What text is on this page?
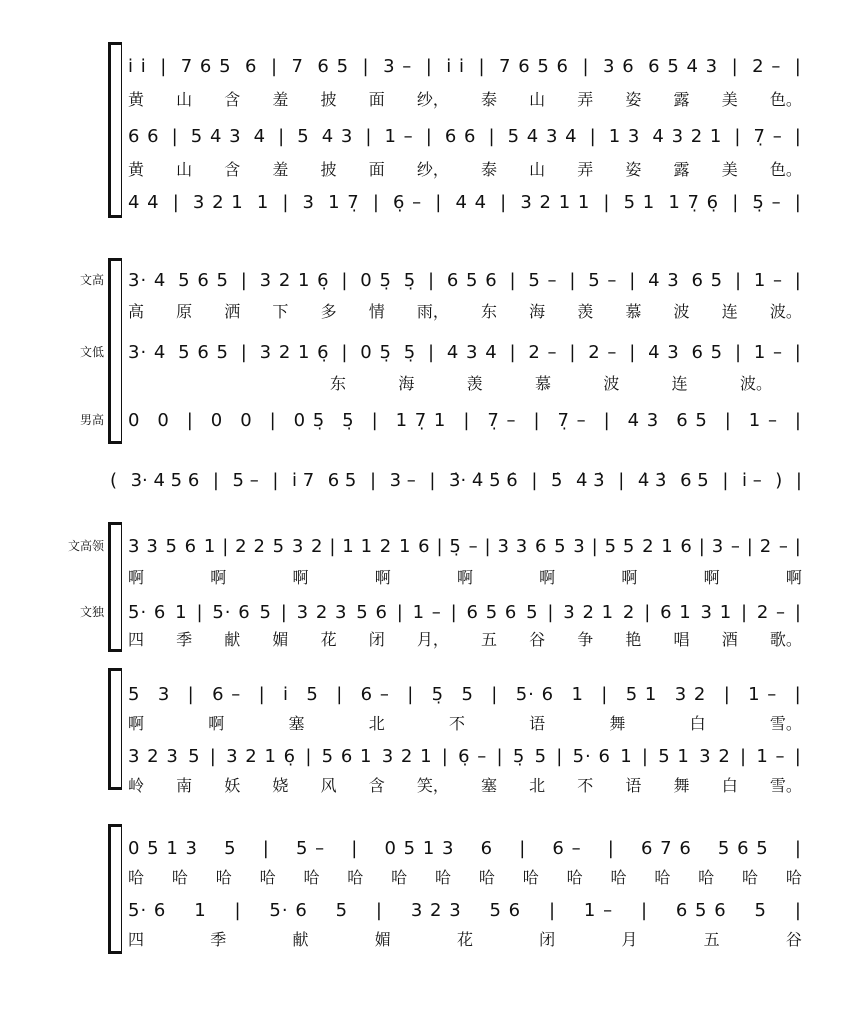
i̇ i̇ | 7 6 5 6 | 7 6 5 | 3 – | i̇ i̇ | 7 6 5 6 | 3 6 6 5 4 3 | 2 – |
黄 山 含 羞 披 面 纱， 泰 山 弄 姿 露 美 色。
6 6 | 5 4 3 4 | 5 4 3 | 1 – | 6 6 | 5 4 3 4 | 1 3 4 3 2 1 | 7̣ – |
黄 山 含 羞 披 面 纱， 泰 山 弄 姿 露 美 色。
4 4 | 3 2 1 1 | 3 1 7̣ | 6̣ – | 4 4 | 3 2 1 1 | 5 1 1 7̣ 6̣ | 5̣ – |
文高 3· 4 5 6 5 | 3 2 1 6̣ | 0 5̣ 5̣ | 6 5 6 | 5 – | 5 – | 4 3 6 5 | 1 – |
高 原 洒 下 多 情 雨， 东 海 羡 慕 波 连 波。
文低 3· 4 5 6 5 | 3 2 1 6̣ | 0 5̣ 5̣ | 4 3 4 | 2 – | 2 – | 4 3 6 5 | 1 – |
东	海	羡	慕	波	连	波。
男高 0 0 | 0 0 | 0 5̣ 5̣ | 1 7̣ 1 | 7̣ – | 7̣ – | 4 3 6 5 | 1 – |
( 3· 4 5 6 | 5 – | i̇ 7 6 5 | 3 – | 3̇· 4̇ 5̇ 6̇ | 5̇ 4̇ 3̇ | 4̇ 3̇ 6 5 | i̇ – ) |
文高领 3 3 5 6 1 | 2 2 5 3 2 | 1 1 2 1 6 | 5̣ – | 3 3 6 5 3 | 5 5 2 1 6 | 3 – | 2 – |
啊	啊	啊	啊	啊	啊	啊	啊	啊
文独 5· 6 1 | 5· 6 5 | 3 2 3 5 6 | 1 – | 6 5 6 5 | 3 2 1 2 | 6 1 3 1 | 2 – |
四 季 献 媚 花 闭 月， 五 谷 争 艳 唱 酒 歌。
5 3 | 6 – | i̇ 5 | 6 – | 5̣ 5 | 5· 6 1 | 5 1 3 2 | 1 – |
啊	啊	塞	北	不	语	舞	白	雪。
3 2 3 5 | 3 2 1 6̣ | 5 6 1 3 2 1 | 6̣ – | 5̣ 5 | 5· 6 1 | 5 1 3 2 | 1 – |
岭 南 妖 娆 风 含 笑， 塞 北 不 语 舞 白 雪。
0 5 1 3 5 | 5 – | 0 5 1 3 6 | 6 – | 6 7 6 5 6 5 |
哈 哈 哈 哈 哈 哈 哈 哈 哈 哈 哈 哈 哈 哈 哈 哈
5· 6 1 | 5· 6 5 | 3 2 3 5 6 | 1 – | 6 5 6 5 |
四	季	献	媚	花	闭	月	五	谷
